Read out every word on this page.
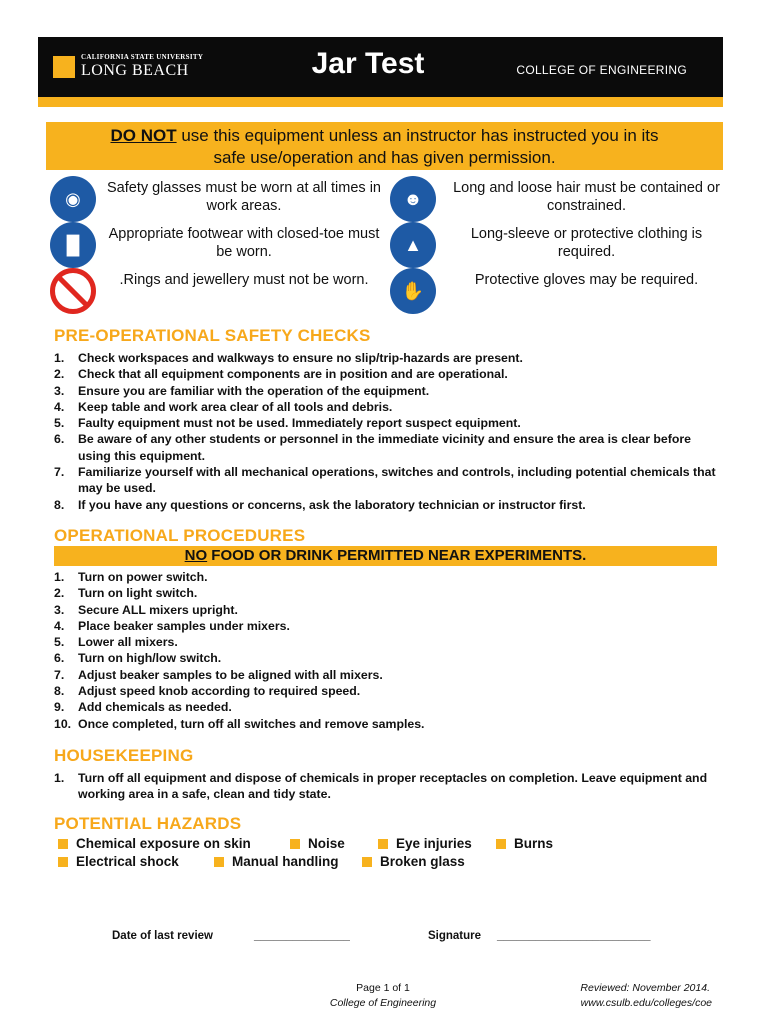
CALIFORNIA STATE UNIVERSITY
LONG BEACH	Jar Test	COLLEGE OF ENGINEERING
DO NOT use this equipment unless an instructor has instructed you in its
safe use/operation and has given permission.
◉
Safety glasses must be worn at all times in work areas.	☻
Long and loose hair must be contained or constrained.
█
Appropriate footwear with closed-toe must be worn.	▲
Long-sleeve or protective clothing is required.
.Rings and jewellery must not be worn.
✋
Protective gloves may be required.
PRE-OPERATIONAL SAFETY CHECKS
1.	Check workspaces and walkways to ensure no slip/trip-hazards are present.
2.	Check that all equipment components are in position and are operational.
3.	Ensure you are familiar with the operation of the equipment.
4.	Keep table and work area clear of all tools and debris.
5.	Faulty equipment must not be used. Immediately report suspect equipment.
6.	Be aware of any other students or personnel in the immediate vicinity and ensure the area is clear before using this equipment.
7.	Familiarize yourself with all mechanical operations, switches and controls, including potential chemicals that may be used.
8.	If you have any questions or concerns, ask the laboratory technician or instructor first.
OPERATIONAL PROCEDURES
NO FOOD OR DRINK PERMITTED NEAR EXPERIMENTS.
1.	Turn on power switch.
2.	Turn on light switch.
3.	Secure ALL mixers upright.
4.	Place beaker samples under mixers.
5.	Lower all mixers.
6.	Turn on high/low switch.
7.	Adjust beaker samples to be aligned with all mixers.
8.	Adjust speed knob according to required speed.
9.	Add chemicals as needed.
10. Once completed, turn off all switches and remove samples.
HOUSEKEEPING
1.	Turn off all equipment and dispose of chemicals in proper receptacles on completion. Leave equipment and working area in a safe, clean and tidy state.
POTENTIAL HAZARDS
Chemical exposure on skin	Noise	Eye injuries	Burns
Electrical shock	Manual handling	Broken glass
Date of last review	_______________	Signature ________________________
Page 1 of 1
College of Engineering
Reviewed: November 2014.
www.csulb.edu/colleges/coe
